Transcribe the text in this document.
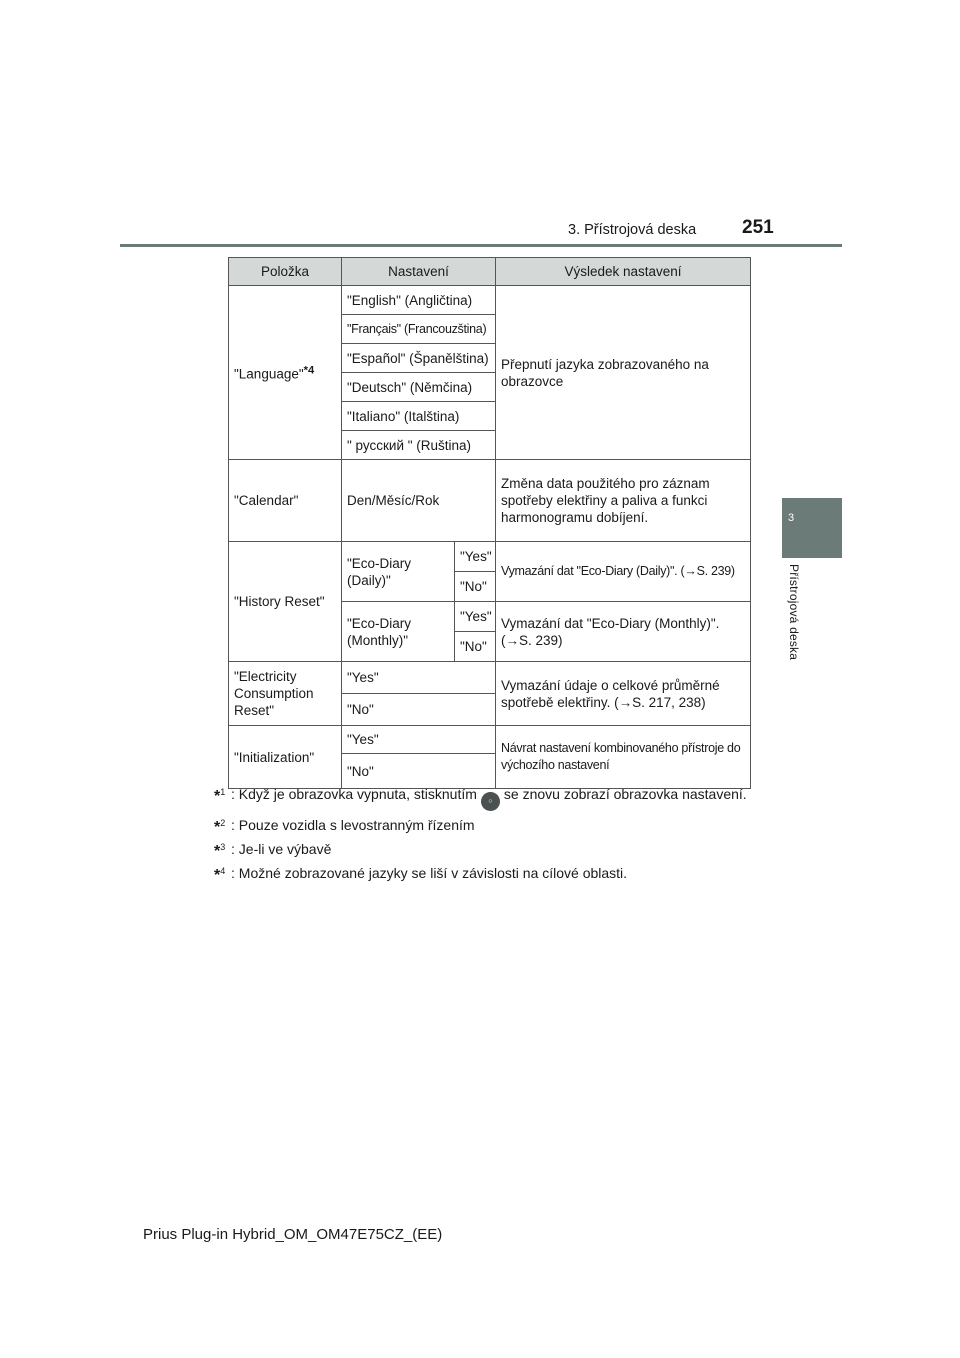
3. Přístrojová deska 251
3
Přístrojová deska
Položka	Nastavení		Výsledek nastavení
"Language"$^{*4}$	"English" (Angličtina)		Přepnutí jazyka zobrazovaného na obrazovce
	"Français" (Francouzština)		
	"Español" (Španělština)		
	"Deutsch" (Němčina)		
	"Italiano" (Italština)		
	" русский " (Ruština)		
"Calendar"	Den/Měsíc/Rok		Změna data použitého pro záznam spotřeby elektřiny a paliva a funkci harmonogramu dobíjení.
"History Reset"	"Eco-Diary (Daily)"	"Yes"	Vymazání dat "Eco-Diary (Daily)". (→S. 239)
		"No"	
	"Eco-Diary (Monthly)"	"Yes"	Vymazání dat "Eco-Diary (Monthly)". (→S. 239)
		"No"	
"Electricity Consumption Reset"	"Yes"		Vymazání údaje o celkové průměrné spotřebě elektřiny. (→S. 217, 238)
	"No"		
"Initialization"	"Yes"		Návrat nastavení kombinovaného přístroje do výchozího nastavení
	"No"		
*$^1$ : Když je obrazovka vypnuta, stisknutím ○ se znovu zobrazí obrazovka nastavení.
*$^2$ : Pouze vozidla s levostranným řízením
*$^3$ : Je-li ve výbavě
*$^4$ : Možné zobrazované jazyky se liší v závislosti na cílové oblasti.
Prius Plug-in Hybrid_OM_OM47E75CZ_(EE)
